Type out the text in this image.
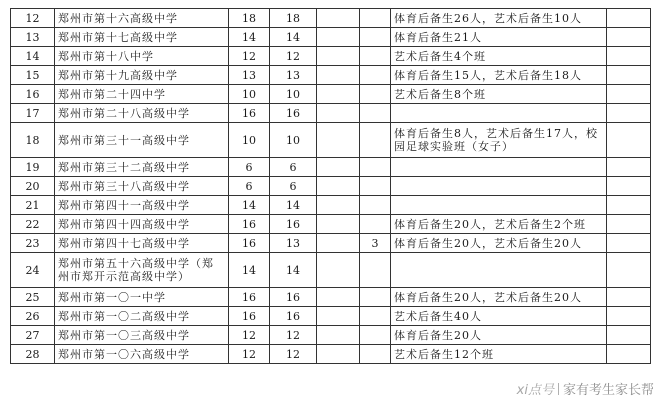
12	郑州市第十六高级中学	18	18			体育后备生26人，艺术后备生10人	
13	郑州市第十七高级中学	14	14			体育后备生21人	
14	郑州市第十八中学	12	12			艺术后备生4个班	
15	郑州市第十九高级中学	13	13			体育后备生15人，艺术后备生18人	
16	郑州市第二十四中学	10	10			艺术后备生8个班	
17	郑州市第二十八高级中学	16	16				
18	郑州市第三十一高级中学	10	10			体育后备生8人，艺术后备生17人，校园足球实验班（女子）	
19	郑州市第三十二高级中学	6	6				
20	郑州市第三十八高级中学	6	6				
21	郑州市第四十一高级中学	14	14				
22	郑州市第四十四高级中学	16	16			体育后备生20人，艺术后备生2个班	
23	郑州市第四十七高级中学	16	13		3	体育后备生20人，艺术后备生20人	
24	郑州市第五十六高级中学（郑州市郑开示范高级中学）	14	14				
25	郑州市第一〇一中学	16	16			体育后备生20人，艺术后备生20人	
26	郑州市第一〇二高级中学	16	16			艺术后备生40人	
27	郑州市第一〇三高级中学	12	12			体育后备生20人	
28	郑州市第一〇六高级中学	12	12			艺术后备生12个班	
xi点号 家有考生家长帮
